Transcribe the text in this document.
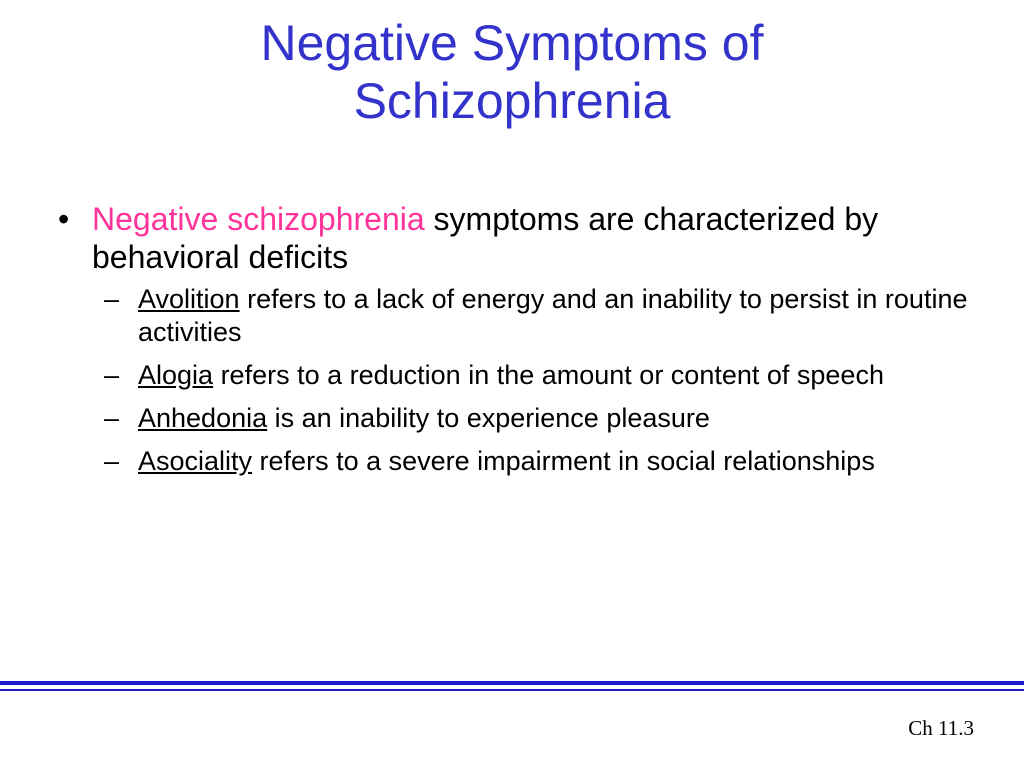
Negative Symptoms of
Schizophrenia
• Negative schizophrenia symptoms are characterized by behavioral deficits
– Avolition refers to a lack of energy and an inability to persist in routine activities
– Alogia refers to a reduction in the amount or content of speech
– Anhedonia is an inability to experience pleasure
– Asociality refers to a severe impairment in social relationships
Ch 11.3
